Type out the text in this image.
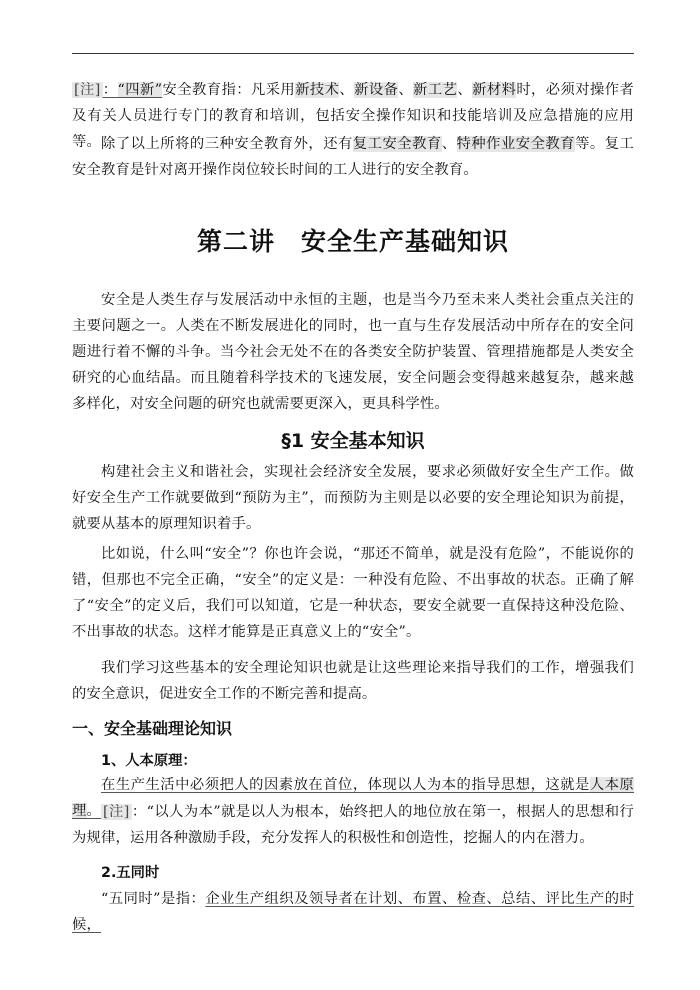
[注] ：“四新”安全教育指：凡采用新技术、新设备、新工艺、新材料时，必须对操作者及有关人员进行专门的教育和培训，包括安全操作知识和技能培训及应急措施的应用等。 除了以上所将的三种安全教育外，还有复工安全教育、特种作业安全教育等。复工安全教育是针对离开操作岗位较长时间的工人进行的安全教育。

第二讲　安全生产基础知识

安全是人类生存与发展活动中永恒的主题，也是当今乃至未来人类社会重点关注的主要问题之一。人类在不断发展进化的同时，也一直与生存发展活动中所存在的安全问题进行着不懈的斗争。当今社会无处不在的各类安全防护装置、管理措施都是人类安全研究的心血结晶。而且随着科学技术的飞速发展，安全问题会变得越来越复杂，越来越多样化，对安全问题的研究也就需要更深入，更具科学性。

§1 安全基本知识

构建社会主义和谐社会，实现社会经济安全发展，要求必须做好安全生产工作。做好安全生产工作就要做到“预防为主”，而预防为主则是以必要的安全理论知识为前提，就要从基本的原理知识着手。

比如说，什么叫“安全”？你也许会说，“那还不简单，就是没有危险”，不能说你的错，但那也不完全正确，“安全”的定义是：一种没有危险、不出事故的状态。正确了解了“安全”的定义后，我们可以知道，它是一种状态，要安全就要一直保持这种没危险、不出事故的状态。这样才能算是正真意义上的“安全”。

我们学习这些基本的安全理论知识也就是让这些理论来指导我们的工作，增强我们的安全意识，促进安全工作的不断完善和提高。

一、安全基础理论知识
1、人本原理：

在生产生活中必须把人的因素放在首位，体现以人为本的指导思想，这就是人本原理。 [注] ：“以人为本”就是以人为根本，始终把人的地位放在第一，根据人的思想和行为规律，运用各种激励手段，充分发挥人的积极性和创造性，挖掘人的内在潜力。

2.五同时

“五同时”是指：企业生产组织及领导者在计划、布置、检查、总结、评比生产的时候，
